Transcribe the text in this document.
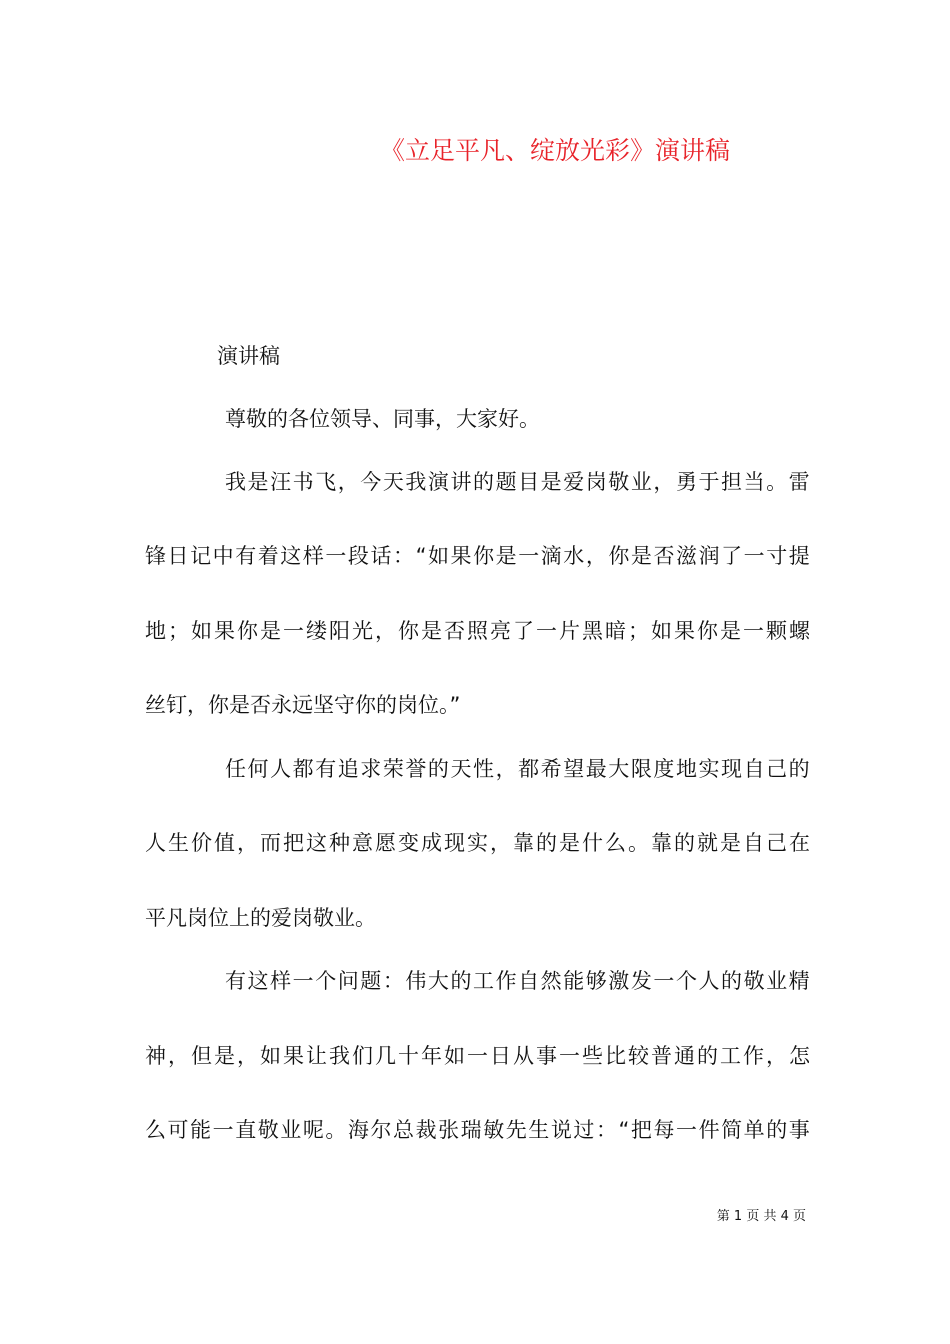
《立足平凡、绽放光彩》演讲稿
演讲稿
尊敬的各位领导、同事，大家好。
我 是 汪 书 飞 ， 今 天 我 演 讲 的 题 目 是 爱 岗 敬 业 ， 勇 于 担 当 。 雷
锋 日 记 中 有 着 这 样 一 段 话 ： “ 如 果 你 是 一 滴 水 ， 你 是 否 滋 润 了 一 寸 提
地 ； 如 果 你 是 一 缕 阳 光 ， 你 是 否 照 亮 了 一 片 黑 暗 ； 如 果 你 是 一 颗 螺
丝钉，你是否永远坚守你的岗位。”
任 何 人 都 有 追 求 荣 誉 的 天 性 ， 都 希 望 最 大 限 度 地 实 现 自 己 的
人 生 价 值 ， 而 把 这 种 意 愿 变 成 现 实 ， 靠 的 是 什 么 。 靠 的 就 是 自 己 在
平凡岗位上的爱岗敬业。
有 这 样 一 个 问 题 ： 伟 大 的 工 作 自 然 能 够 激 发 一 个 人 的 敬 业 精
神 ， 但 是 ， 如 果 让 我 们 几 十 年 如 一 日 从 事 一 些 比 较 普 通 的 工 作 ， 怎
么 可 能 一 直 敬 业 呢 。 海 尔 总 裁 张 瑞 敏 先 生 说 过 ： “ 把 每 一 件 简 单 的 事
第 1 页 共 4 页
